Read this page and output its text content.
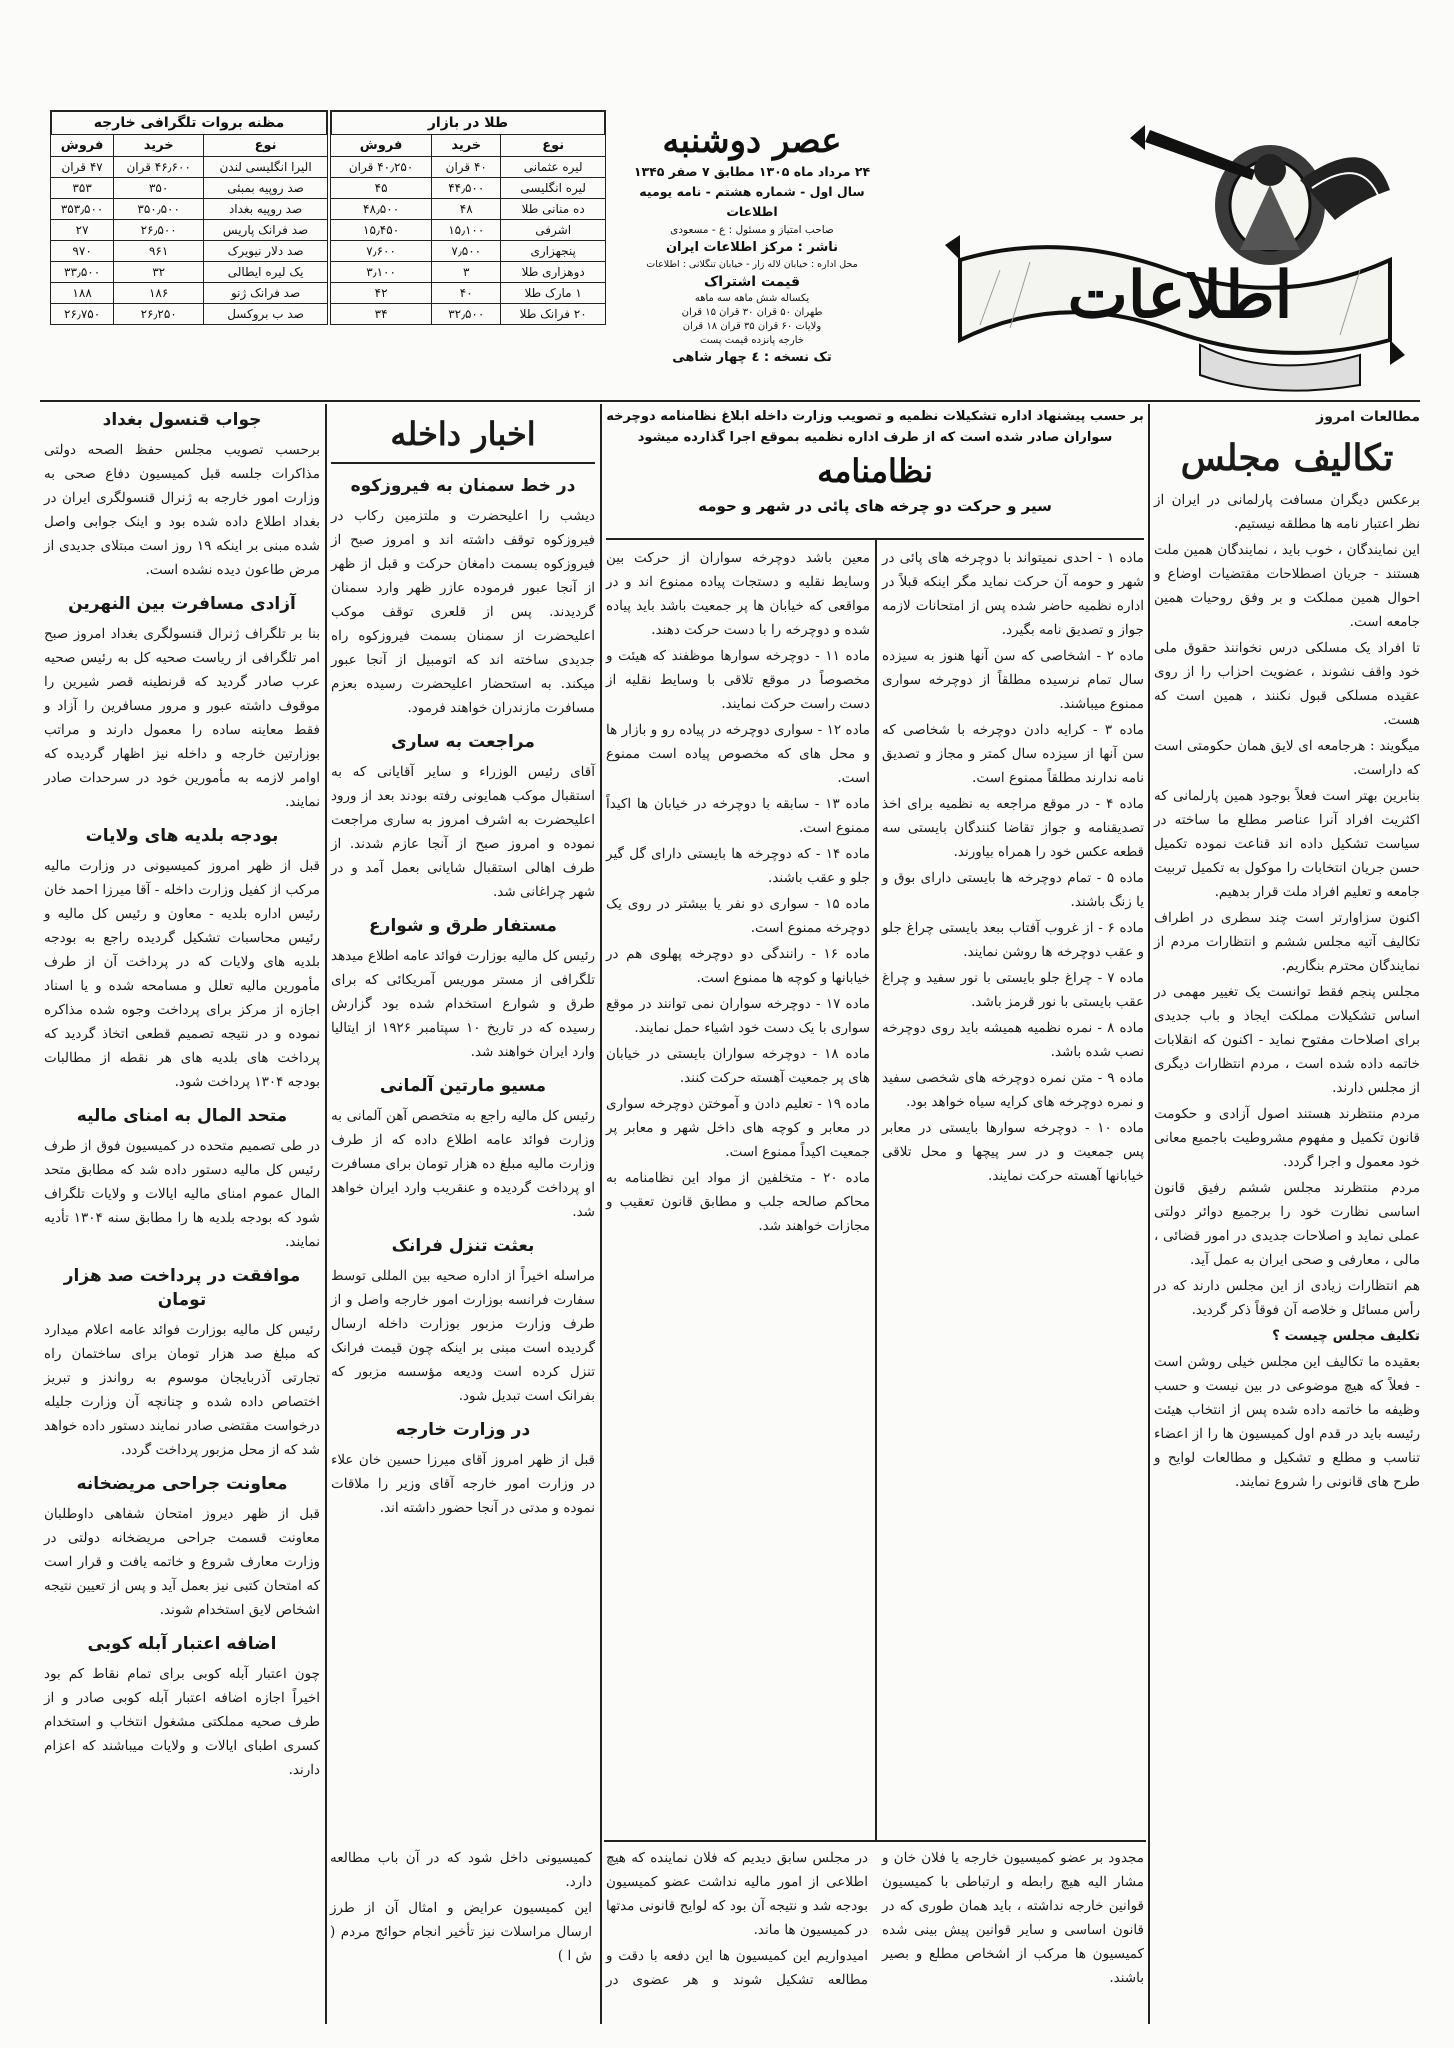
اطلاعات
عصر دوشنبه
۲۴ مرداد ماه ۱۳۰۵ مطابق ۷ صفر ۱۳۴۵
سال اول - شماره هشتم - نامه یومیه اطلاعات
صاحب امتیاز و مسئول : ع - مسعودی
ناشر : مرکز اطلاعات ایران
محل اداره : خیابان لاله زار - خیابان تنگلانی : اطلاعات
قیمت اشتراک
یکساله شش ماهه سه ماهه
طهران ۵۰ قران ۳۰ قران ۱۵ قران
ولایات ۶۰ قران ۳۵ قران ۱۸ قران
خارجه پانزده قیمت پست
تک نسخه : ٤ چهار شاهی
طلا در بازار
نوع	خرید	فروش
لیره عثمانی	۴۰ قران	۴۰٫۲۵۰ قران
لیره انگلیسی	۴۴٫۵۰۰	۴۵
ده منانی طلا	۴۸	۴۸٫۵۰۰
اشرفی	۱۵٫۱۰۰	۱۵٫۴۵۰
پنجهزاری	۷٫۵۰۰	۷٫۶۰۰
دوهزاری طلا	۳	۳٫۱۰۰
۱ مارک طلا	۴۰	۴۲
۲۰ فرانک طلا	۳۲٫۵۰۰	۳۴
مظنه بروات تلگرافی خارجه
نوع	خرید	فروش
الیرا انگلیسی لندن	۴۶٫۶۰۰ قران	۴۷ قران
صد روپیه بمبئی	۳۵۰	۳۵۳
صد روپیه بغداد	۳۵۰٫۵۰۰	۳۵۳٫۵۰۰
صد فرانک پاریس	۲۶٫۵۰۰	۲۷
صد دلار نیویرک	۹۶۱	۹۷۰
یک لیره ایطالی	۳۲	۳۳٫۵۰۰
صد فرانک ژنو	۱۸۶	۱۸۸
صد ب بروکسل	۲۶٫۲۵۰	۲۶٫۷۵۰
مطالعات امروز
تکالیف مجلس

برعکس دیگران مسافت پارلمانی در ایران از نظر اعتبار نامه ها مطلقه نیستیم.

این نمایندگان ، خوب باید ، نمایندگان همین ملت هستند - جریان اصطلاحات مقتضیات اوضاع و احوال همین مملکت و بر وفق روحیات همین جامعه است.

تا افراد یک مسلکی درس نخوانند حقوق ملی خود واقف نشوند ، عضویت احزاب را از روی عقیده مسلکی قبول نکنند ، همین است که هست.

میگویند : هرجامعه ای لایق همان حکومتی است که داراست.

بنابرین بهتر است فعلاً بوجود همین پارلمانی که اکثریت افراد آنرا عناصر مطلع ما ساخته در سیاست تشکیل داده اند قناعت نموده تکمیل حسن جریان انتخابات را موکول به تکمیل تربیت جامعه و تعلیم افراد ملت قرار بدهیم.

اکنون سزاوارتر است چند سطری در اطراف تکالیف آتیه مجلس ششم و انتظارات مردم از نمایندگان محترم بنگاریم.

مجلس پنجم فقط توانست یک تغییر مهمی در اساس تشکیلات مملکت ایجاد و باب جدیدی برای اصلاحات مفتوح نماید - اکنون که انقلابات خاتمه داده شده است ، مردم انتظارات دیگری از مجلس دارند.

مردم منتظرند هستند اصول آزادی و حکومت قانون تکمیل و مفهوم مشروطیت باجمیع معانی خود معمول و اجرا گردد.

مردم منتظرند مجلس ششم رفیق قانون اساسی نظارت خود را برجمیع دوائر دولتی عملی نماید و اصلاحات جدیدی در امور قضائی ، مالی ، معارفی و صحی ایران به عمل آید.

هم انتظارات زیادی از این مجلس دارند که در رأس مسائل و خلاصه آن فوقاً ذکر گردید.

تکلیف مجلس چیست ؟

بعقیده ما تکالیف این مجلس خیلی روشن است - فعلاً که هیچ موضوعی در بین نیست و حسب وظیفه ما خاتمه داده شده پس از انتخاب هیئت رئیسه باید در قدم اول کمیسیون ها را از اعضاء تناسب و مطلع و تشکیل و مطالعات لوایح و طرح های قانونی را شروع نمایند.

بر حسب پیشنهاد اداره تشکیلات نظمیه و تصویب وزارت داخله ابلاغ نظامنامه دوچرخه سواران صادر شده است که از طرف اداره نظمیه بموقع اجرا گذارده میشود
نظامنامه
سیر و حرکت دو چرخه های پائی در شهر و حومه

ماده ۱ - احدی نمیتواند با دوچرخه های پائی در شهر و حومه آن حرکت نماید مگر اینکه قبلاً در اداره نظمیه حاضر شده پس از امتحانات لازمه جواز و تصدیق نامه بگیرد.

ماده ۲ - اشخاصی که سن آنها هنوز به سیزده سال تمام نرسیده مطلقاً از دوچرخه سواری ممنوع میباشند.

ماده ۳ - کرایه دادن دوچرخه با شخاصی که سن آنها از سیزده سال کمتر و مجاز و تصدیق نامه ندارند مطلقاً ممنوع است.

ماده ۴ - در موقع مراجعه به نظمیه برای اخذ تصدیقنامه و جواز تقاضا کنندگان بایستی سه قطعه عکس خود را همراه بیاورند.

ماده ۵ - تمام دوچرخه ها بایستی دارای بوق و یا زنگ باشند.

ماده ۶ - از غروب آفتاب ببعد بایستی چراغ جلو و عقب دوچرخه ها روشن نمایند.

ماده ۷ - چراغ جلو بایستی با نور سفید و چراغ عقب بایستی با نور قرمز باشد.

ماده ۸ - نمره نظمیه همیشه باید روی دوچرخه نصب شده باشد.

ماده ۹ - متن نمره دوچرخه های شخصی سفید و نمره دوچرخه های کرایه سیاه خواهد بود.

ماده ۱۰ - دوچرخه سوارها بایستی در معابر پس جمعیت و در سر پیچها و محل تلاقی خیابانها آهسته حرکت نمایند.

معین باشد دوچرخه سواران از حرکت بین وسایط نقلیه و دستجات پیاده ممنوع اند و در مواقعی که خیابان ها پر جمعیت باشد باید پیاده شده و دوچرخه را با دست حرکت دهند.

ماده ۱۱ - دوچرخه سوارها موظفند که هیئت و مخصوصاً در موقع تلاقی با وسایط نقلیه از دست راست حرکت نمایند.

ماده ۱۲ - سواری دوچرخه در پیاده رو و بازار ها و محل های که مخصوص پیاده است ممنوع است.

ماده ۱۳ - سابقه با دوچرخه در خیابان ها اکیداً ممنوع است.

ماده ۱۴ - که دوچرخه ها بایستی دارای گل گیر جلو و عقب باشند.

ماده ۱۵ - سواری دو نفر یا بیشتر در روی یک دوچرخه ممنوع است.

ماده ۱۶ - رانندگی دو دوچرخه پهلوی هم در خیابانها و کوچه ها ممنوع است.

ماده ۱۷ - دوچرخه سواران نمی توانند در موقع سواری با یک دست خود اشیاء حمل نمایند.

ماده ۱۸ - دوچرخه سواران بایستی در خیابان های پر جمعیت آهسته حرکت کنند.

ماده ۱۹ - تعلیم دادن و آموختن دوچرخه سواری در معابر و کوچه های داخل شهر و معابر پر جمعیت اکیداً ممنوع است.

ماده ۲۰ - متخلفین از مواد این نظامنامه به محاکم صالحه جلب و مطابق قانون تعقیب و مجازات خواهند شد.

مجدود بر عضو کمیسیون خارجه یا فلان خان و مشار الیه هیچ رابطه و ارتباطی با کمیسیون قوانین خارجه نداشته ، باید همان طوری که در قانون اساسی و سایر قوانین پیش بینی شده کمیسیون ها مرکب از اشخاص مطلع و بصیر باشند.

در مجلس سابق دیدیم که فلان نماینده که هیچ اطلاعی از امور مالیه نداشت عضو کمیسیون بودجه شد و نتیجه آن بود که لوایح قانونی مدتها در کمیسیون ها ماند.

امیدواریم این کمیسیون ها این دفعه با دقت و مطالعه تشکیل شوند و هر عضوی در کمیسیونی داخل شود که در آن باب مطالعه دارد.

این کمیسیون عرایض و امثال آن از طرز ارسال مراسلات نیز تأخیر انجام حوائج مردم ( ش ا )

اخبار داخله
در خط سمنان به فیروزکوه

دیشب را اعلیحضرت و ملتزمین رکاب در فیروزکوه توقف داشته اند و امروز صبح از فیروزکوه بسمت دامغان حرکت و قبل از ظهر از آنجا عبور فرموده عازر ظهر وارد سمنان گردیدند. پس از قلعری توقف موکب اعلیحضرت از سمنان بسمت فیروزکوه راه جدیدی ساخته اند که اتومبیل از آنجا عبور میکند. به استحضار اعلیحضرت رسیده بعزم مسافرت مازندران خواهند فرمود.

مراجعت به ساری

آقای رئیس الوزراء و سایر آقایانی که به استقبال موکب همایونی رفته بودند بعد از ورود اعلیحضرت به اشرف امروز به ساری مراجعت نموده و امروز صبح از آنجا عازم شدند. از طرف اهالی استقبال شایانی بعمل آمد و در شهر چراغانی شد.

مستفار طرق و شوارع

رئیس کل مالیه بوزارت فوائد عامه اطلاع میدهد تلگرافی از مستر موریس آمریکائی که برای طرق و شوارع استخدام شده بود گزارش رسیده که در تاریخ ۱۰ سپتامبر ۱۹۲۶ از ایتالیا وارد ایران خواهند شد.

مسیو مارتین آلمانی

رئیس کل مالیه راجع به متخصص آهن آلمانی به وزارت فوائد عامه اطلاع داده که از طرف وزارت مالیه مبلغ ده هزار تومان برای مسافرت او پرداخت گردیده و عنقریب وارد ایران خواهد شد.

بعثت تنزل فرانک

مراسله اخیراً از اداره صحیه بین المللی توسط سفارت فرانسه بوزارت امور خارجه واصل و از طرف وزارت مزبور بوزارت داخله ارسال گردیده است مبنی بر اینکه چون قیمت فرانک تنزل کرده است ودیعه مؤسسه مزبور که بفرانک است تبدیل شود.

در وزارت خارجه

قبل از ظهر امروز آقای میرزا حسین خان علاء در وزارت امور خارجه آقای وزیر را ملاقات نموده و مدتی در آنجا حضور داشته اند.

جواب قنسول بغداد

برحسب تصویب مجلس حفظ الصحه دولتی مذاکرات جلسه قبل کمیسیون دفاع صحی به وزارت امور خارجه به ژنرال قنسولگری ایران در بغداد اطلاع داده شده بود و اینک جوابی واصل شده مبنی بر اینکه ۱۹ روز است مبتلای جدیدی از مرض طاعون دیده نشده است.

آزادی مسافرت بین النهرین

بنا بر تلگراف ژنرال قنسولگری بغداد امروز صبح امر تلگرافی از ریاست صحیه کل به رئیس صحیه عرب صادر گردید که قرنطینه قصر شیرین را موقوف داشته عبور و مرور مسافرین را آزاد و فقط معاینه ساده را معمول دارند و مراتب بوزارتین خارجه و داخله نیز اظهار گردیده که اوامر لازمه به مأمورین خود در سرحدات صادر نمایند.

بودجه بلدیه های ولایات

قبل از ظهر امروز کمیسیونی در وزارت مالیه مرکب از کفیل وزارت داخله - آقا میرزا احمد خان رئیس اداره بلدیه - معاون و رئیس کل مالیه و رئیس محاسبات تشکیل گردیده راجع به بودجه بلدیه های ولایات که در پرداخت آن از طرف مأمورین مالیه تعلل و مسامحه شده و یا اسناد اجازه از مرکز برای پرداخت وجوه شده مذاکره نموده و در نتیجه تصمیم قطعی اتخاذ گردید که پرداخت های بلدیه های هر نقطه از مطالبات بودجه ۱۳۰۴ پرداخت شود.

متحد المال به امنای مالیه

در طی تصمیم متحده در کمیسیون فوق از طرف رئیس کل مالیه دستور داده شد که مطابق متحد المال عموم امنای مالیه ایالات و ولایات تلگراف شود که بودجه بلدیه ها را مطابق سنه ۱۳۰۴ تأدیه نمایند.

موافقت در پرداخت صد هزار تومان

رئیس کل مالیه بوزارت فوائد عامه اعلام میدارد که مبلغ صد هزار تومان برای ساختمان راه تجارتی آذربایجان موسوم به رواندز و تبریز اختصاص داده شده و چنانچه آن وزارت جلیله درخواست مقتضی صادر نمایند دستور داده خواهد شد که از محل مزبور پرداخت گردد.

معاونت جراحی مریضخانه

قبل از ظهر دیروز امتحان شفاهی داوطلبان معاونت قسمت جراحی مریضخانه دولتی در وزارت معارف شروع و خاتمه یافت و قرار است که امتحان کتبی نیز بعمل آید و پس از تعیین نتیجه اشخاص لایق استخدام شوند.

اضافه اعتبار آبله کوبی

چون اعتبار آبله کوبی برای تمام نقاط کم بود اخیراً اجازه اضافه اعتبار آبله کوبی صادر و از طرف صحیه مملکتی مشغول انتخاب و استخدام کسری اطبای ایالات و ولایات میباشند که اعزام دارند.
